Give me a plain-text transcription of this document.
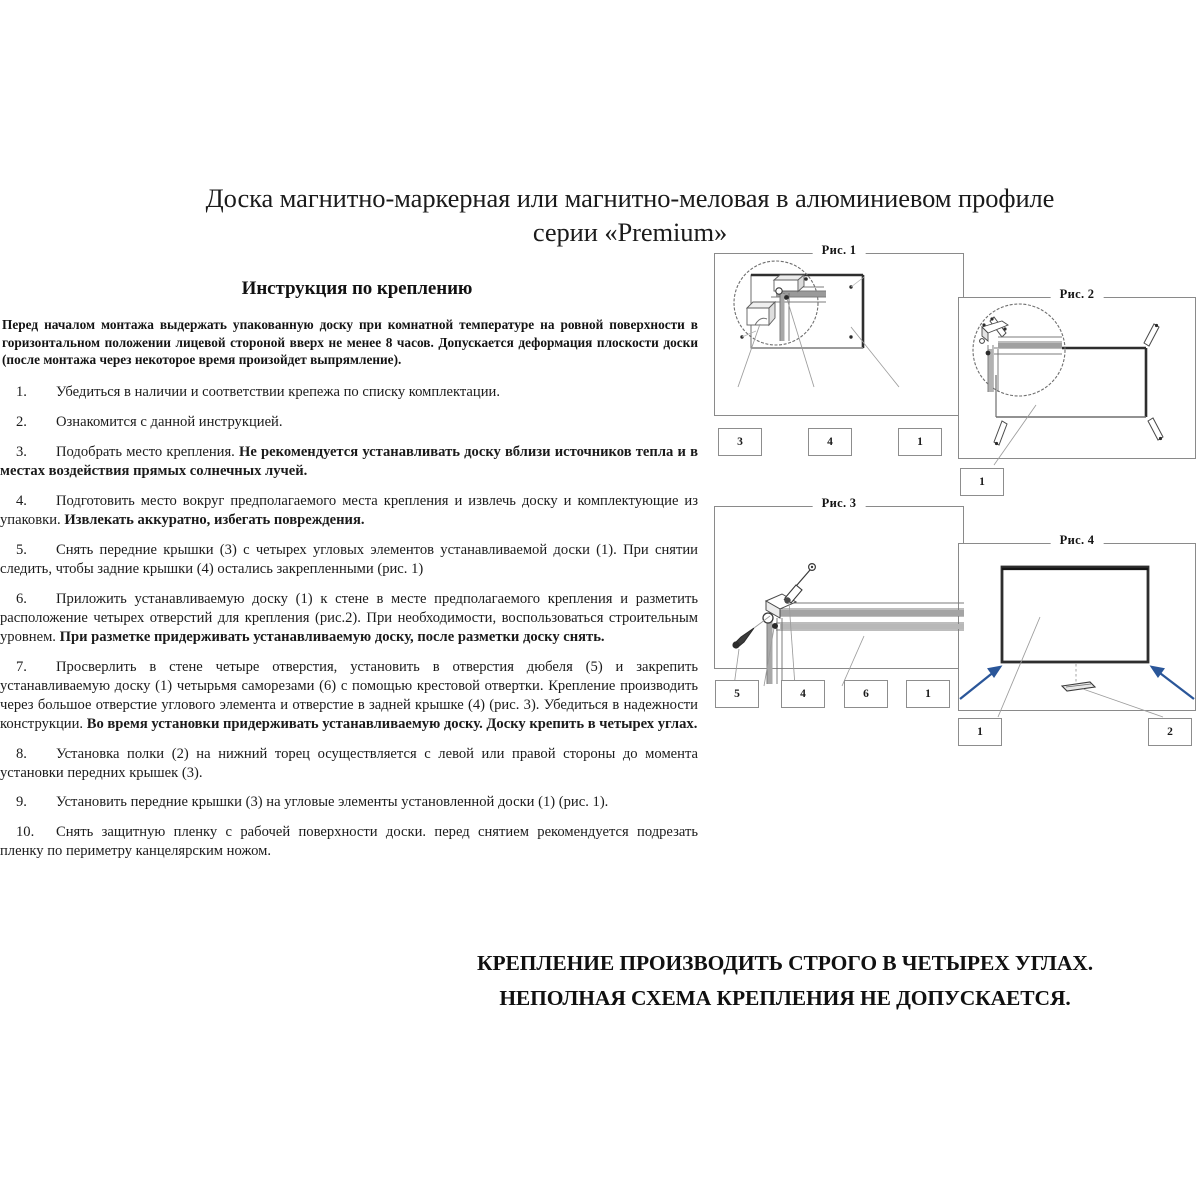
Доска магнитно-маркерная или магнитно-меловая в алюминиевом профиле
серии «Premium»
Инструкция по креплению

Перед началом монтажа выдержать упакованную доску при комнатной температуре на ровной поверхности в горизонтальном положении лицевой стороной вверх не менее 8 часов. Допускается деформация плоскости доски (после монтажа через некоторое время произойдет выпрямление).

1. Убедиться в наличии и соответствии крепежа по списку комплектации.

2. Ознакомится с данной инструкцией.

3. Подобрать место крепления. Не рекомендуется устанавливать доску вблизи источников тепла и в местах воздействия прямых солнечных лучей.

4. Подготовить место вокруг предполагаемого места крепления и извлечь доску и комплектующие из упаковки. Извлекать аккуратно, избегать повреждения.

5. Снять передние крышки (3) с четырех угловых элементов устанавливаемой доски (1). При снятии следить, чтобы задние крышки (4) остались закрепленными (рис. 1)

6. Приложить устанавливаемую доску (1) к стене в месте предполагаемого крепления и разметить расположение четырех отверстий для крепления (рис.2). При необходимости, воспользоваться строительным уровнем. При разметке придерживать устанавливаемую доску, после разметки доску снять.

7. Просверлить в стене четыре отверстия, установить в отверстия дюбеля (5) и закрепить устанавливаемую доску (1) четырьмя саморезами (6) с помощью крестовой отвертки. Крепление производить через большое отверстие углового элемента и отверстие в задней крышке (4) (рис. 3). Убедиться в надежности конструкции. Во время установки придерживать устанавливаемую доску. Доску крепить в четырех углах.

8. Установка полки (2) на нижний торец осуществляется с левой или правой стороны до момента установки передних крышек (3).

9. Установить передние крышки (3) на угловые элементы установленной доски (1) (рис. 1).

10. Снять защитную пленку с рабочей поверхности доски. перед снятием рекомендуется подрезать пленку по периметру канцелярским ножом.

Рис. 1
3	4	1
Рис. 2
1
Рис. 3
5	4	6	1
Рис. 4
1	2
КРЕПЛЕНИЕ ПРОИЗВОДИТЬ СТРОГО В ЧЕТЫРЕХ УГЛАХ.
НЕПОЛНАЯ СХЕМА КРЕПЛЕНИЯ НЕ ДОПУСКАЕТСЯ.
